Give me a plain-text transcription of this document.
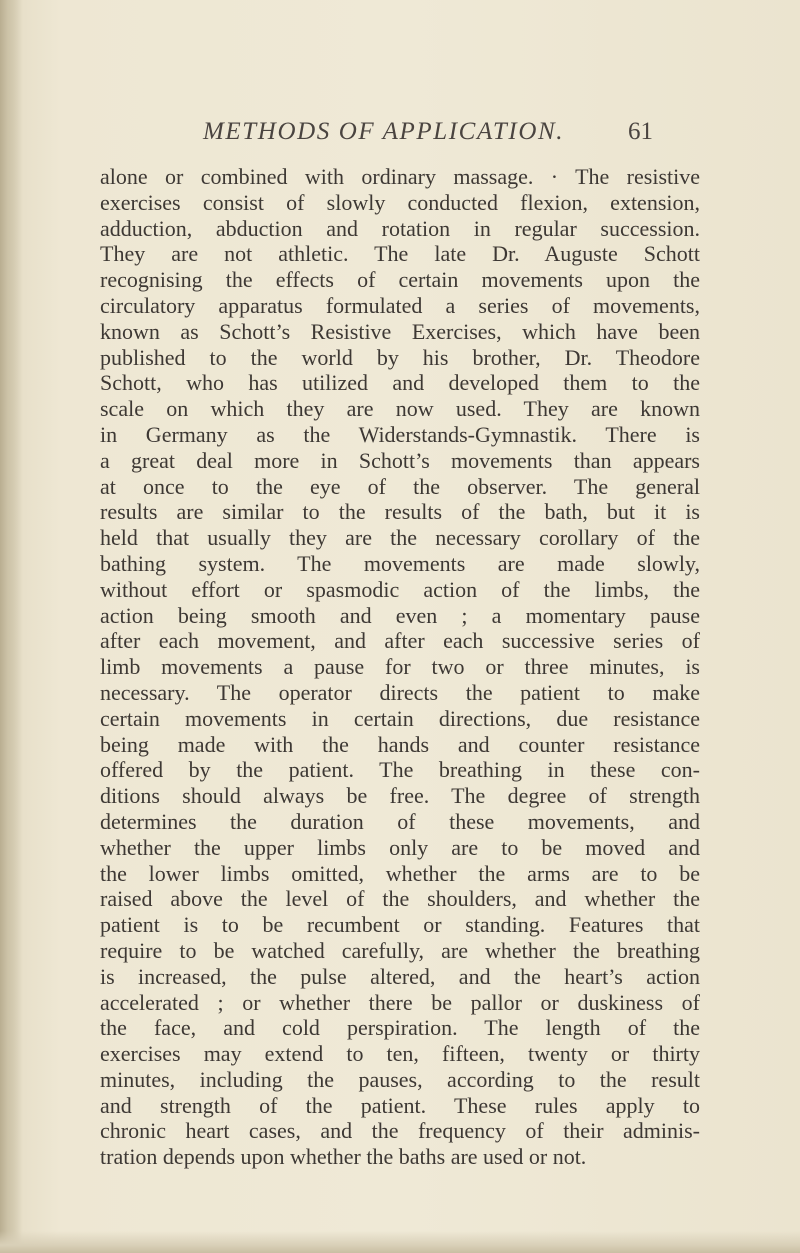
METHODS OF APPLICATION.	61
alone or combined with ordinary massage. · The resistive
exercises consist of slowly conducted flexion, extension,
adduction, abduction and rotation in regular succession.
They are not athletic. The late Dr. Auguste Schott
recognising the effects of certain movements upon the
circulatory apparatus formulated a series of movements,
known as Schott’s Resistive Exercises, which have been
published to the world by his brother, Dr. Theodore
Schott, who has utilized and developed them to the
scale on which they are now used. They are known
in Germany as the Widerstands-Gymnastik. There is
a great deal more in Schott’s movements than appears
at once to the eye of the observer. The general
results are similar to the results of the bath, but it is
held that usually they are the necessary corollary of the
bathing system. The movements are made slowly,
without effort or spasmodic action of the limbs, the
action being smooth and even ; a momentary pause
after each movement, and after each successive series of
limb movements a pause for two or three minutes, is
necessary. The operator directs the patient to make
certain movements in certain directions, due resistance
being made with the hands and counter resistance
offered by the patient. The breathing in these con-
ditions should always be free. The degree of strength
determines the duration of these movements, and
whether the upper limbs only are to be moved and
the lower limbs omitted, whether the arms are to be
raised above the level of the shoulders, and whether the
patient is to be recumbent or standing. Features that
require to be watched carefully, are whether the breathing
is increased, the pulse altered, and the heart’s action
accelerated ; or whether there be pallor or duskiness of
the face, and cold perspiration. The length of the
exercises may extend to ten, fifteen, twenty or thirty
minutes, including the pauses, according to the result
and strength of the patient. These rules apply to
chronic heart cases, and the frequency of their adminis-
tration depends upon whether the baths are used or not.
